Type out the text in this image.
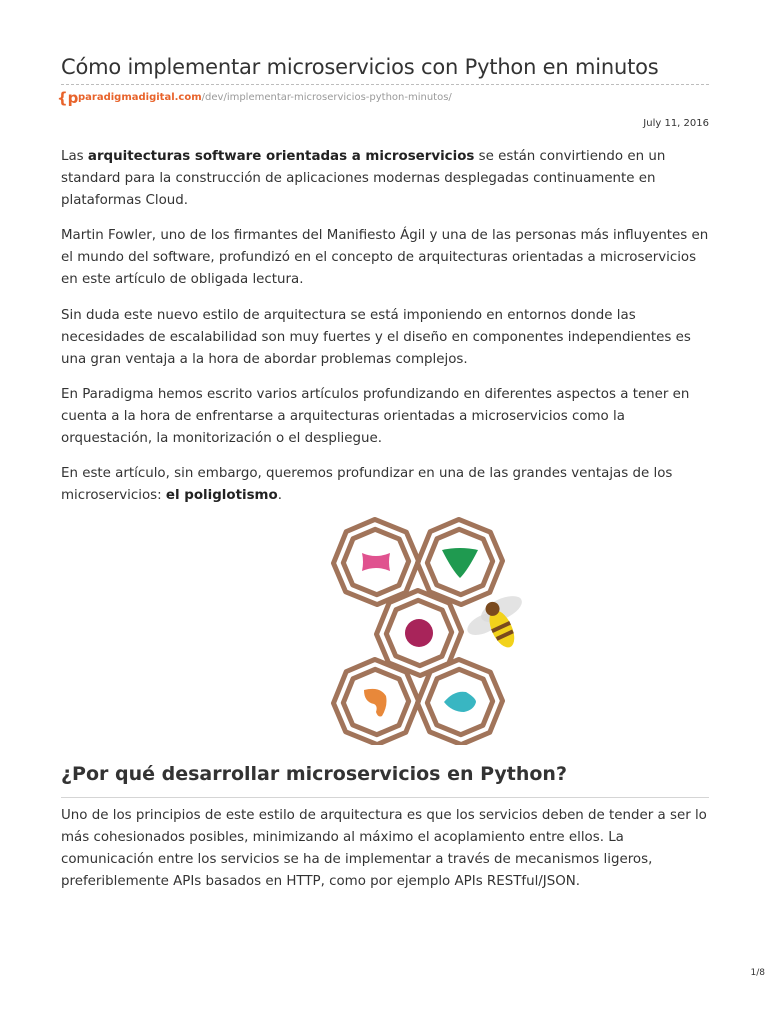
Cómo implementar microservicios con Python en minutos
{p paradigmadigital.com/dev/implementar-microservicios-python-minutos/
July 11, 2016

Las arquitecturas software orientadas a microservicios se están convirtiendo en un standard para la construcción de aplicaciones modernas desplegadas continuamente en plataformas Cloud.

Martin Fowler, uno de los firmantes del Manifiesto Ágil y una de las personas más influyentes en el mundo del software, profundizó en el concepto de arquitecturas orientadas a microservicios en este artículo de obligada lectura.

Sin duda este nuevo estilo de arquitectura se está imponiendo en entornos donde las necesidades de escalabilidad son muy fuertes y el diseño en componentes independientes es una gran ventaja a la hora de abordar problemas complejos.

En Paradigma hemos escrito varios artículos profundizando en diferentes aspectos a tener en cuenta a la hora de enfrentarse a arquitecturas orientadas a microservicios como la orquestación, la monitorización o el despliegue.

En este artículo, sin embargo, queremos profundizar en una de las grandes ventajas de los microservicios: el poliglotismo.

¿Por qué desarrollar microservicios en Python?

Uno de los principios de este estilo de arquitectura es que los servicios deben de tender a ser lo más cohesionados posibles, minimizando al máximo el acoplamiento entre ellos. La comunicación entre los servicios se ha de implementar a través de mecanismos ligeros, preferiblemente APIs basados en HTTP, como por ejemplo APIs RESTful/JSON.

1/8
